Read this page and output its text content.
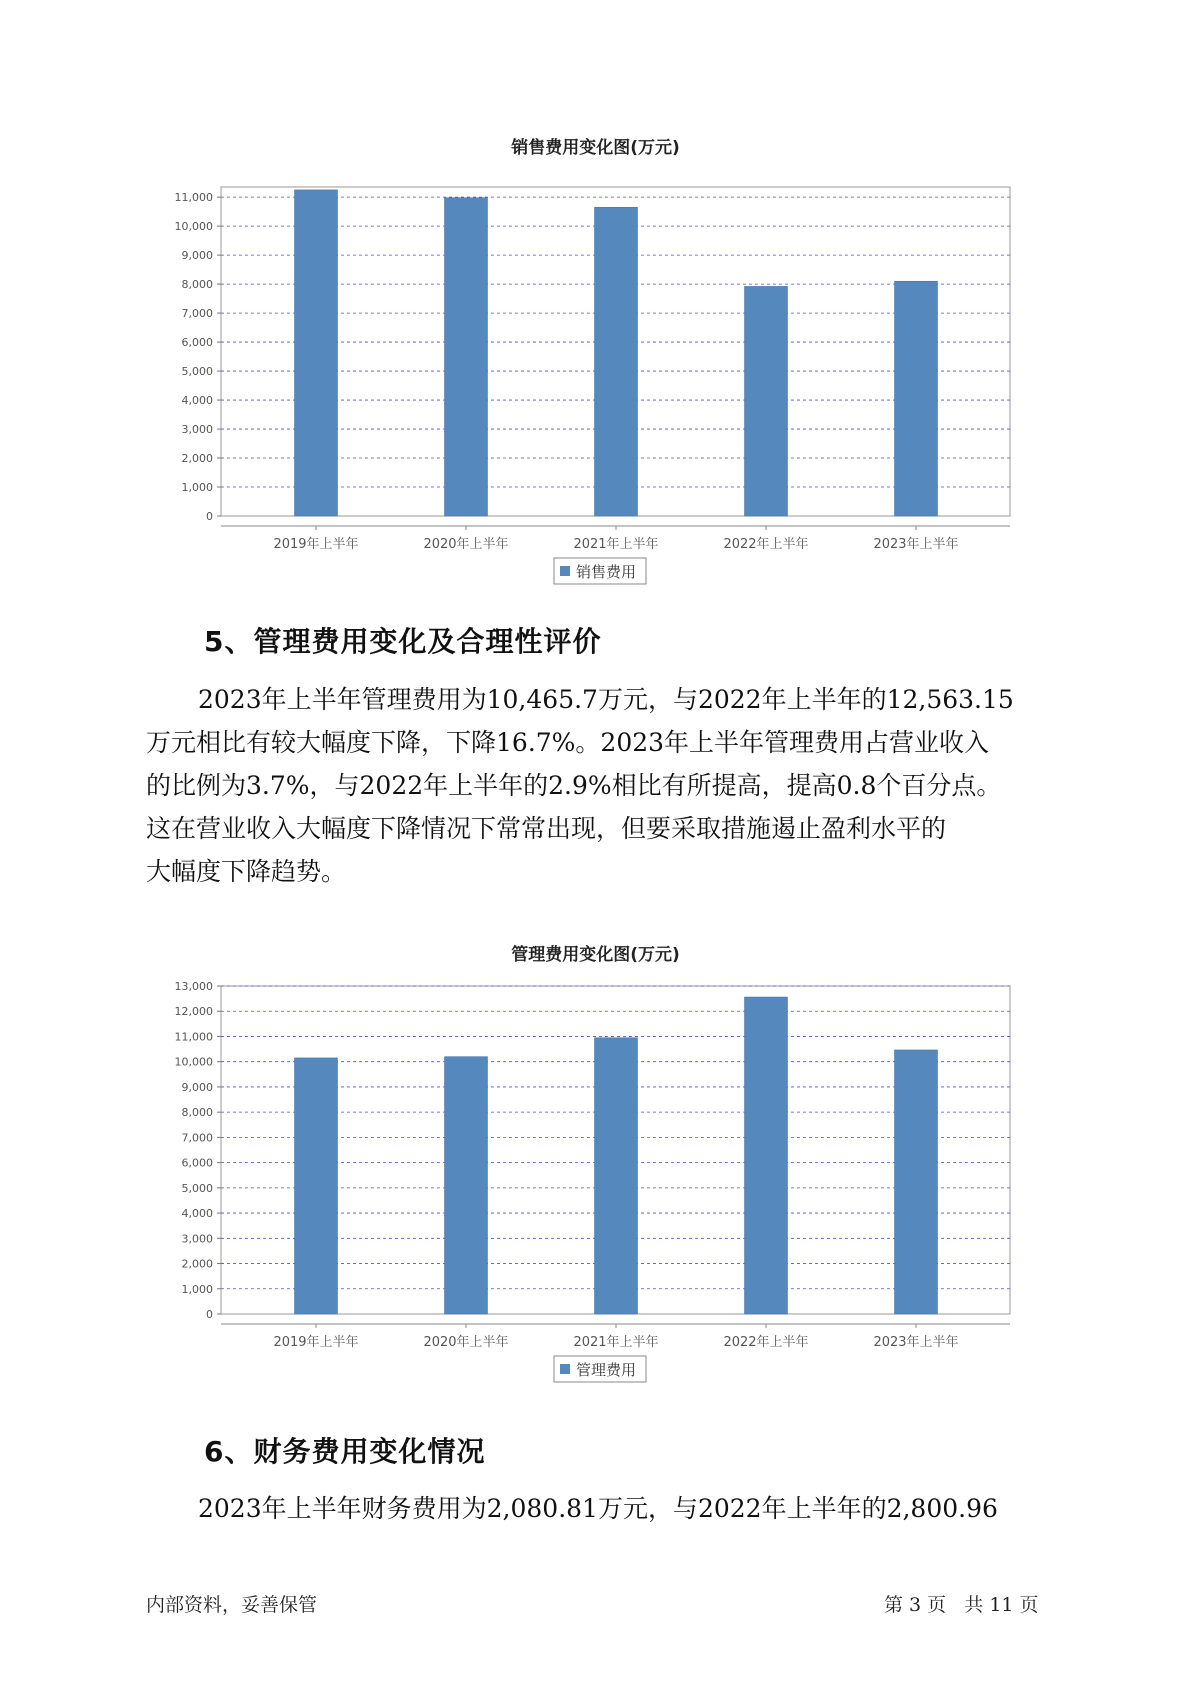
销售费用变化图(万元)
0
1,000
2,000
3,000
4,000
5,000
6,000
7,000
8,000
9,000
10,000
11,000
2019年上半年	2020年上半年	2021年上半年	2022年上半年	2023年上半年
销售费用
5、管理费用变化及合理性评价

2023年上半年管理费用为10,465.7万元，与2022年上半年的12,563.15
万元相比有较大幅度下降，下降16.7%。2023年上半年管理费用占营业收入
的比例为3.7%，与2022年上半年的2.9%相比有所提高，提高0.8个百分点。
这在营业收入大幅度下降情况下常常出现，但要采取措施遏止盈利水平的
大幅度下降趋势。

管理费用变化图(万元)
0
1,000
2,000
3,000
4,000
5,000
6,000
7,000
8,000
9,000
10,000
11,000
12,000
13,000
2019年上半年	2020年上半年	2021年上半年	2022年上半年	2023年上半年
管理费用
6、财务费用变化情况

2023年上半年财务费用为2,080.81万元，与2022年上半年的2,800.96

内部资料，妥善保管	第 3 页   共 11 页
